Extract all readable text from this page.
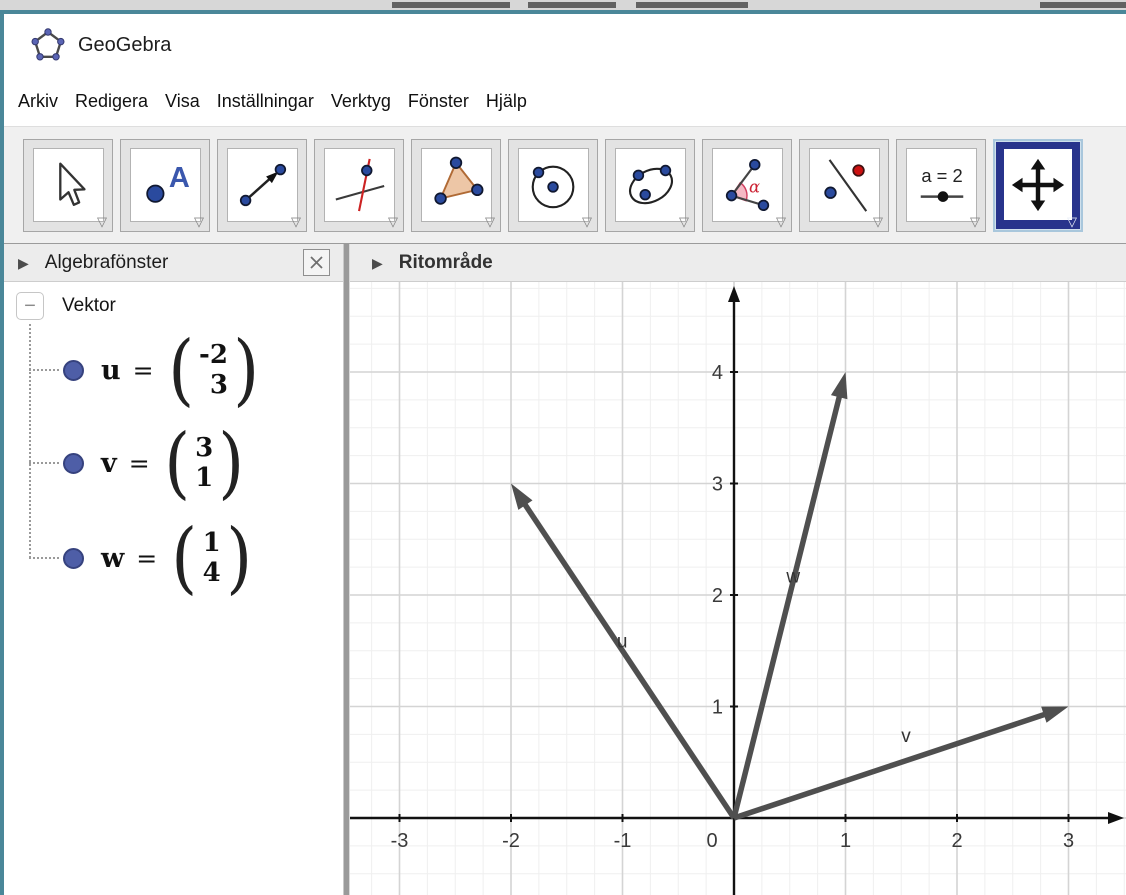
GeoGebra
Arkiv Redigera Visa Inställningar Verktyg Fönster Hjälp
▽
A
▽	▽	▽	▽	▽	▽
α
▽	▽
a = 2
▽	▽
▶ Algebrafönster
−	Vektor
u = ( -2
3 )
v = ( 3
1 )
w = ( 1
4 )
▶ Ritområde
-3	-2	-1	0	1	2	3
1
2
3
4
u
v
w
